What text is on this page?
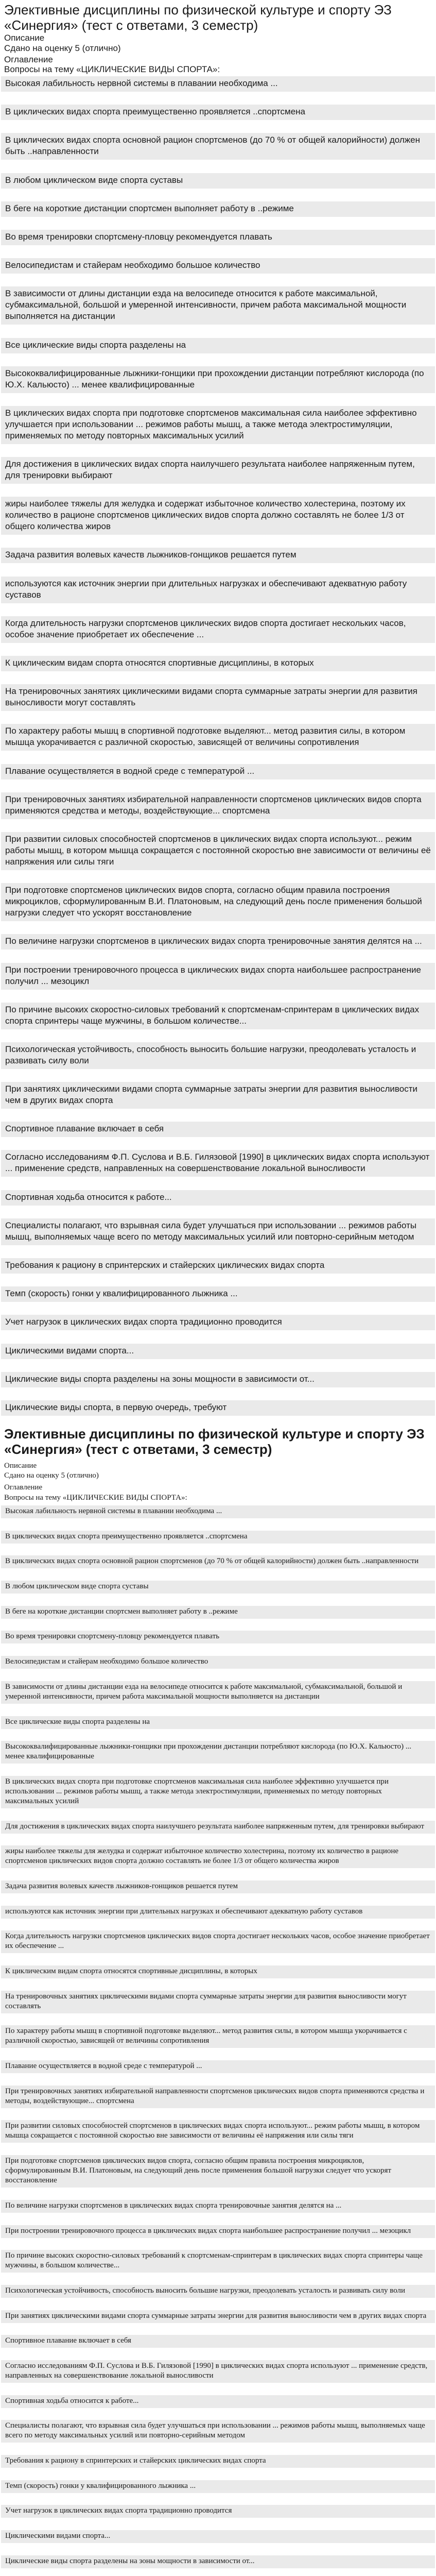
Элективные дисциплины по физической культуре и спорту ЭЗ «Синергия» (тест с ответами, 3 семестр)
Описание
Сдано на оценку 5 (отлично)
Оглавление
Вопросы на тему «ЦИКЛИЧЕСКИЕ ВИДЫ СПОРТА»:
Высокая лабильность нервной системы в плавании необходима ...
В циклических видах спорта преимущественно проявляется ..спортсмена
В циклических видах спорта основной рацион спортсменов (до 70 % от общей калорийности) должен быть ..направленности
В любом циклическом виде спорта суставы
В беге на короткие дистанции спортсмен выполняет работу в ..режиме
Во время тренировки спортсмену-пловцу рекомендуется плавать
Велосипедистам и стайерам необходимо большое количество
В зависимости от длины дистанции езда на велосипеде относится к работе максимальной, субмаксимальной, большой и умеренной интенсивности, причем работа максимальной мощности выполняется на дистанции
Все циклические виды спорта разделены на
Высококвалифицированные лыжники-гонщики при прохождении дистанции потребляют кислорода (по Ю.Х. Кальюсто) ... менее квалифицированные
В циклических видах спорта при подготовке спортсменов максимальная сила наиболее эффективно улучшается при использовании ... режимов работы мышц, а также метода электростимуляции, применяемых по методу повторных максимальных усилий
Для достижения в циклических видах спорта наилучшего результата наиболее напряженным путем, для тренировки выбирают
жиры наиболее тяжелы для желудка и содержат избыточное количество холестерина, поэтому их количество в рационе спортсменов циклических видов спорта должно составлять не более 1/3 от общего количества жиров
Задача развития волевых качеств лыжников-гонщиков решается путем
используются как источник энергии при длительных нагрузках и обеспечивают адекватную работу суставов
Когда длительность нагрузки спортсменов циклических видов спорта достигает нескольких часов, особое значение приобретает их обеспечение ...
К циклическим видам спорта относятся спортивные дисциплины, в которых
На тренировочных занятиях циклическими видами спорта суммарные затраты энергии для развития выносливости могут составлять
По характеру работы мышц в спортивной подготовке выделяют... метод развития силы, в котором мышца укорачивается с различной скоростью, зависящей от величины сопротивления
Плавание осуществляется в водной среде с температурой ...
При тренировочных занятиях избирательной направленности спортсменов циклических видов спорта применяются средства и методы, воздействующие... спортсмена
При развитии силовых способностей спортсменов в циклических видах спорта используют... режим работы мышц, в котором мышца сокращается с постоянной скоростью вне зависимости от величины её напряжения или силы тяги
При подготовке спортсменов циклических видов спорта, согласно общим правила построения микроциклов, сформулированным В.И. Платоновым, на следующий день после применения большой нагрузки следует что ускорят восстановление
По величине нагрузки спортсменов в циклических видах спорта тренировочные занятия делятся на ...
При построении тренировочного процесса в циклических видах спорта наибольшее распространение получил ... мезоцикл
По причине высоких скоростно-силовых требований к спортсменам-спринтерам в циклических видах спорта спринтеры чаще мужчины, в большом количестве...
Психологическая устойчивость, способность выносить большие нагрузки, преодолевать усталость и развивать силу воли
При занятиях циклическими видами спорта суммарные затраты энергии для развития выносливости чем в других видах спорта
Спортивное плавание включает в себя
Согласно исследованиям Ф.П. Суслова и В.Б. Гилязовой [1990] в циклических видах спорта используют ... применение средств, направленных на совершенствование локальной выносливости
Спортивная ходьба относится к работе...
Специалисты полагают, что взрывная сила будет улучшаться при использовании ... режимов работы мышц, выполняемых чаще всего по методу максимальных усилий или повторно-серийным методом
Требования к рациону в спринтерских и стайерских циклических видах спорта
Темп (скорость) гонки у квалифицированного лыжника ...
Учет нагрузок в циклических видах спорта традиционно проводится
Циклическими видами спорта...
Циклические виды спорта разделены на зоны мощности в зависимости от...
Циклические виды спорта, в первую очередь, требуют
Элективные дисциплины по физической культуре и спорту ЭЗ «Синергия» (тест с ответами, 3 семестр)
Описание
Сдано на оценку 5 (отлично)
Оглавление
Вопросы на тему «ЦИКЛИЧЕСКИЕ ВИДЫ СПОРТА»:
Высокая лабильность нервной системы в плавании необходима ...
В циклических видах спорта преимущественно проявляется ..спортсмена
В циклических видах спорта основной рацион спортсменов (до 70 % от общей калорийности) должен быть ..направленности
В любом циклическом виде спорта суставы
В беге на короткие дистанции спортсмен выполняет работу в ..режиме
Во время тренировки спортсмену-пловцу рекомендуется плавать
Велосипедистам и стайерам необходимо большое количество
В зависимости от длины дистанции езда на велосипеде относится к работе максимальной, субмаксимальной, большой и умеренной интенсивности, причем работа максимальной мощности выполняется на дистанции
Все циклические виды спорта разделены на
Высококвалифицированные лыжники-гонщики при прохождении дистанции потребляют кислорода (по Ю.Х. Кальюсто) ... менее квалифицированные
В циклических видах спорта при подготовке спортсменов максимальная сила наиболее эффективно улучшается при использовании ... режимов работы мышц, а также метода электростимуляции, применяемых по методу повторных максимальных усилий
Для достижения в циклических видах спорта наилучшего результата наиболее напряженным путем, для тренировки выбирают
жиры наиболее тяжелы для желудка и содержат избыточное количество холестерина, поэтому их количество в рационе спортсменов циклических видов спорта должно составлять не более 1/3 от общего количества жиров
Задача развития волевых качеств лыжников-гонщиков решается путем
используются как источник энергии при длительных нагрузках и обеспечивают адекватную работу суставов
Когда длительность нагрузки спортсменов циклических видов спорта достигает нескольких часов, особое значение приобретает их обеспечение ...
К циклическим видам спорта относятся спортивные дисциплины, в которых
На тренировочных занятиях циклическими видами спорта суммарные затраты энергии для развития выносливости могут составлять
По характеру работы мышц в спортивной подготовке выделяют... метод развития силы, в котором мышца укорачивается с различной скоростью, зависящей от величины сопротивления
Плавание осуществляется в водной среде с температурой ...
При тренировочных занятиях избирательной направленности спортсменов циклических видов спорта применяются средства и методы, воздействующие... спортсмена
При развитии силовых способностей спортсменов в циклических видах спорта используют... режим работы мышц, в котором мышца сокращается с постоянной скоростью вне зависимости от величины её напряжения или силы тяги
При подготовке спортсменов циклических видов спорта, согласно общим правила построения микроциклов, сформулированным В.И. Платоновым, на следующий день после применения большой нагрузки следует что ускорят восстановление
По величине нагрузки спортсменов в циклических видах спорта тренировочные занятия делятся на ...
При построении тренировочного процесса в циклических видах спорта наибольшее распространение получил ... мезоцикл
По причине высоких скоростно-силовых требований к спортсменам-спринтерам в циклических видах спорта спринтеры чаще мужчины, в большом количестве...
Психологическая устойчивость, способность выносить большие нагрузки, преодолевать усталость и развивать силу воли
При занятиях циклическими видами спорта суммарные затраты энергии для развития выносливости чем в других видах спорта
Спортивное плавание включает в себя
Согласно исследованиям Ф.П. Суслова и В.Б. Гилязовой [1990] в циклических видах спорта используют ... применение средств, направленных на совершенствование локальной выносливости
Спортивная ходьба относится к работе...
Специалисты полагают, что взрывная сила будет улучшаться при использовании ... режимов работы мышц, выполняемых чаще всего по методу максимальных усилий или повторно-серийным методом
Требования к рациону в спринтерских и стайерских циклических видах спорта
Темп (скорость) гонки у квалифицированного лыжника ...
Учет нагрузок в циклических видах спорта традиционно проводится
Циклическими видами спорта...
Циклические виды спорта разделены на зоны мощности в зависимости от...
